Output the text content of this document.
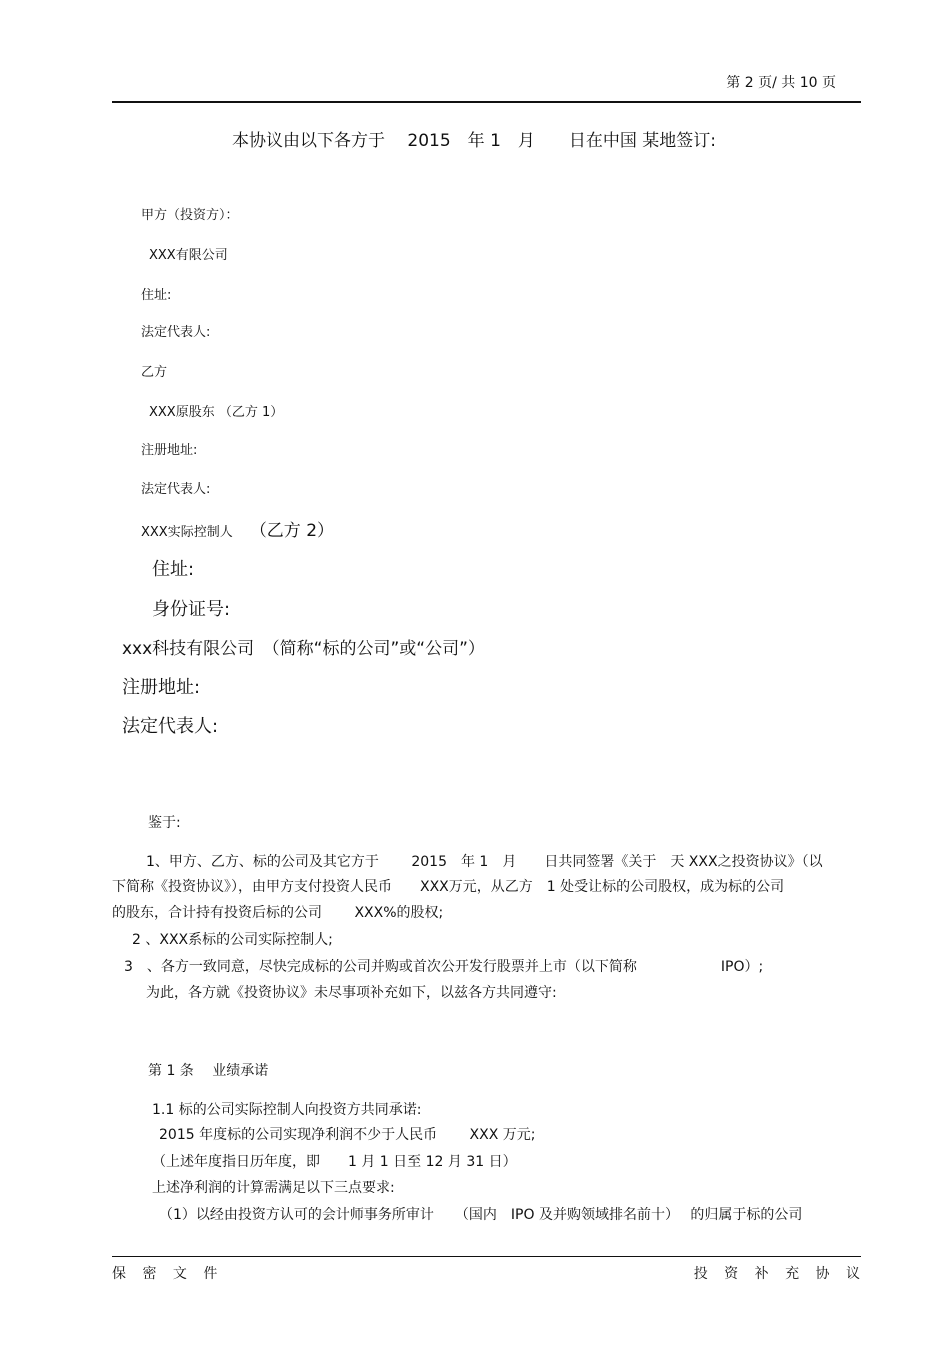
第 2 页/ 共 10 页
本协议由以下各方于　 2015　年 1　月　　日在中国 某地签订:
甲方（投资方）：
XXX有限公司
住址:
法定代表人:
乙方
XXX原股东 （乙方 1）
注册地址:
法定代表人:
XXX实际控制人 （乙方 2）
住址:
身份证号:
xxx科技有限公司　（简称“标的公司”或“公司”）
注册地址:
法定代表人:
鉴于:
1、甲方、乙方、标的公司及其它方于　　 2015　年 1　月　　日共同签署《关于　天 XXX之投资协议》（以
下简称《投资协议》），由甲方支付投资人民币　　XXX万元，从乙方　1 处受让标的公司股权，成为标的公司
的股东，合计持有投资后标的公司　　 XXX%的股权;
2 、XXX系标的公司实际控制人;
3　、各方一致同意，尽快完成标的公司并购或首次公开发行股票并上市（以下简称　　　　　　IPO）;
为此，各方就《投资协议》未尽事项补充如下，以兹各方共同遵守:
第 1 条　 业绩承诺
1.1 标的公司实际控制人向投资方共同承诺:
2015 年度标的公司实现净利润不少于人民币　　 XXX 万元;
（上述年度指日历年度，即　　1 月 1 日至 12 月 31 日）
上述净利润的计算需满足以下三点要求:
（1）以经由投资方认可的会计师事务所审计　　（国内　IPO 及并购领域排名前十）　 的归属于标的公司
保 密 文 件	投 资 补 充 协 议
